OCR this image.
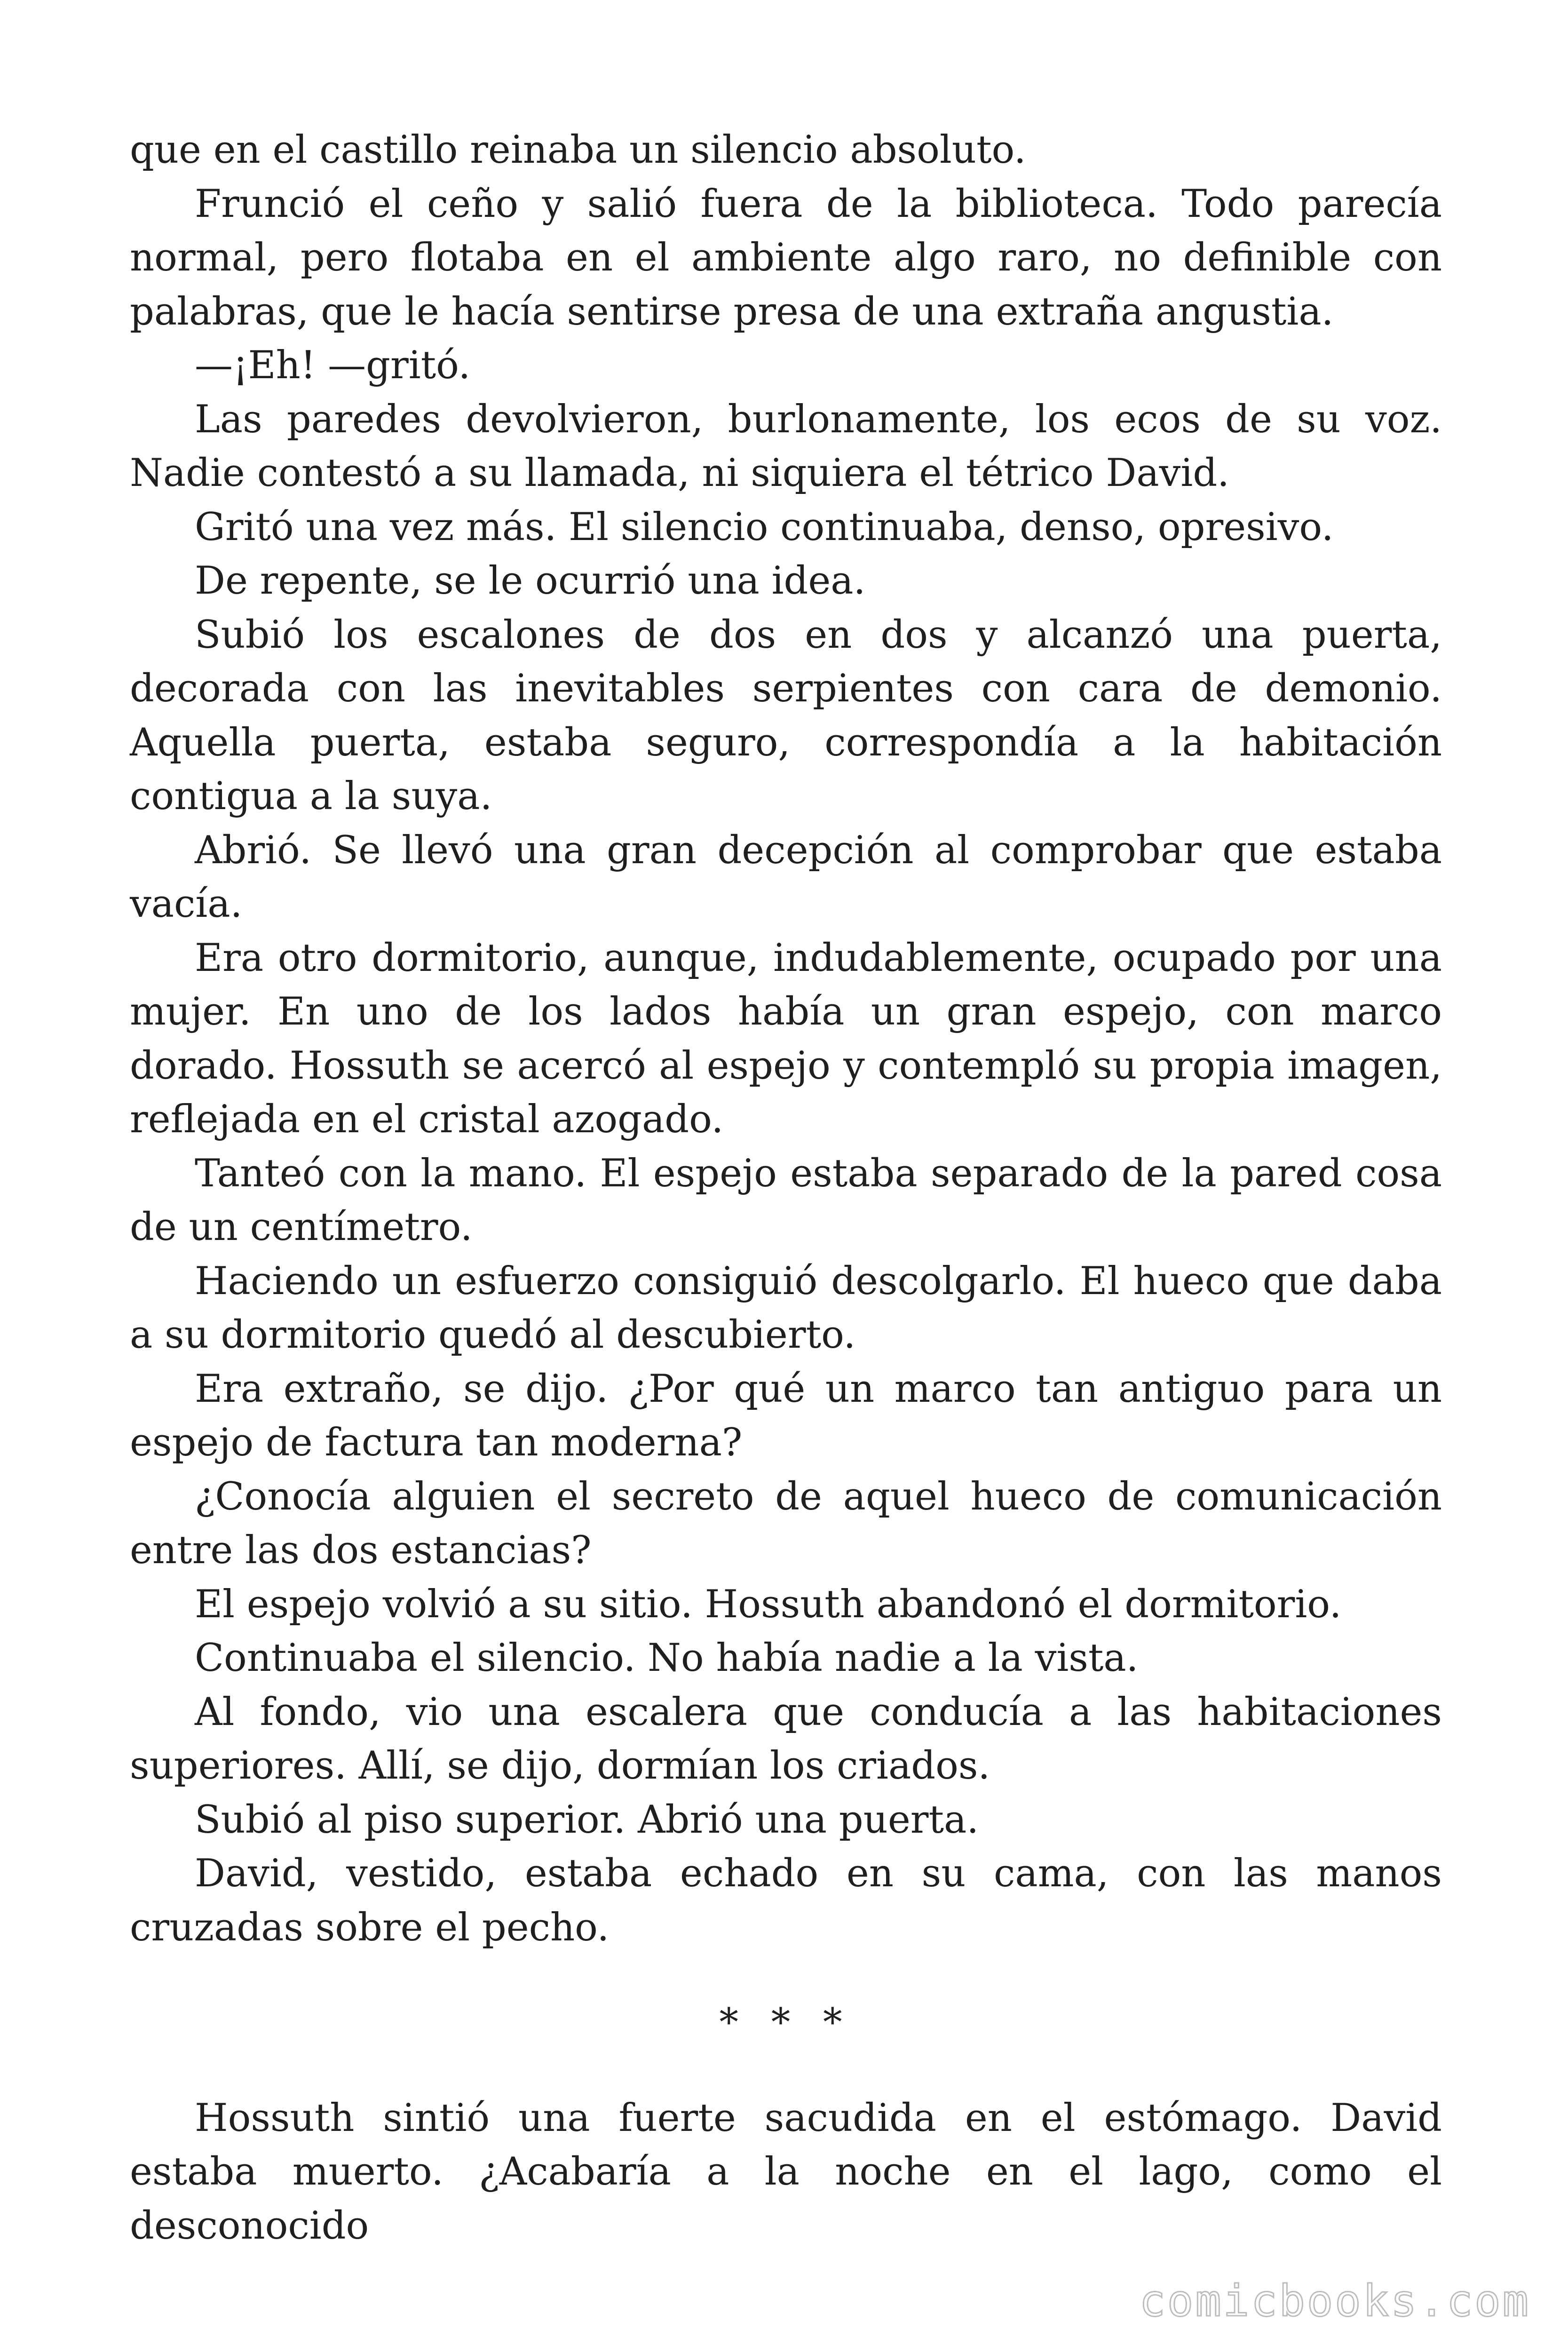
que en el castillo reinaba un silencio absoluto.

Frunció el ceño y salió fuera de la biblioteca. Todo parecía normal, pero flotaba en el ambiente algo raro, no definible con palabras, que le hacía sentirse presa de una extraña angustia.

—¡Eh! —gritó.

Las paredes devolvieron, burlonamente, los ecos de su voz. Nadie contestó a su llamada, ni siquiera el tétrico David.

Gritó una vez más. El silencio continuaba, denso, opresivo.

De repente, se le ocurrió una idea.

Subió los escalones de dos en dos y alcanzó una puerta, decorada con las inevitables serpientes con cara de demonio. Aquella puerta, estaba seguro, correspondía a la habitación contigua a la suya.

Abrió. Se llevó una gran decepción al comprobar que estaba vacía.

Era otro dormitorio, aunque, indudablemente, ocupado por una mujer. En uno de los lados había un gran espejo, con marco dorado. Hossuth se acercó al espejo y contempló su propia imagen, reflejada en el cristal azogado.

Tanteó con la mano. El espejo estaba separado de la pared cosa de un centímetro.

Haciendo un esfuerzo consiguió descolgarlo. El hueco que daba a su dormitorio quedó al descubierto.

Era extraño, se dijo. ¿Por qué un marco tan antiguo para un espejo de factura tan moderna?

¿Conocía alguien el secreto de aquel hueco de comunicación entre las dos estancias?

El espejo volvió a su sitio. Hossuth abandonó el dormitorio.

Continuaba el silencio. No había nadie a la vista.

Al fondo, vio una escalera que conducía a las habitaciones superiores. Allí, se dijo, dormían los criados.

Subió al piso superior. Abrió una puerta.

David, vestido, estaba echado en su cama, con las manos cruzadas sobre el pecho.

* * *

Hossuth sintió una fuerte sacudida en el estómago. David estaba muerto. ¿Acabaría a la noche en el lago, como el desconocido

comicbooks.com
